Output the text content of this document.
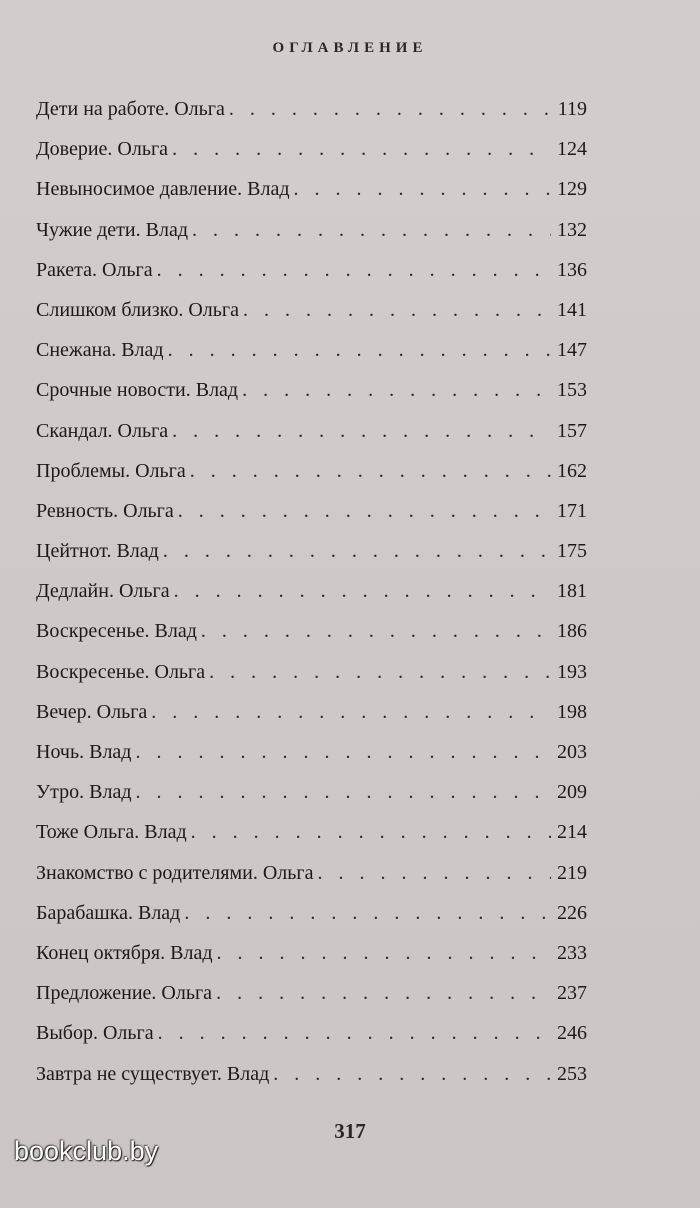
ОГЛАВЛЕНИЕ
Дети на работе. Ольга . . .	119
Доверие. Ольга . . .	124
Невыносимое давление. Влад . . .	129
Чужие дети. Влад . . .	132
Ракета. Ольга . . .	136
Слишком близко. Ольга . . .	141
Снежана. Влад . . .	147
Срочные новости. Влад . . .	153
Скандал. Ольга . . .	157
Проблемы. Ольга . . .	162
Ревность. Ольга . . .	171
Цейтнот. Влад . . .	175
Дедлайн. Ольга . . .	181
Воскресенье. Влад . . .	186
Воскресенье. Ольга . . .	193
Вечер. Ольга . . .	198
Ночь. Влад . . .	203
Утро. Влад . . .	209
Тоже Ольга. Влад . . .	214
Знакомство с родителями. Ольга . . .	219
Барабашка. Влад . . .	226
Конец октября. Влад . . .	233
Предложение. Ольга . . .	237
Выбор. Ольга . . .	246
Завтра не существует. Влад . . .	253
317
bookclub.by
